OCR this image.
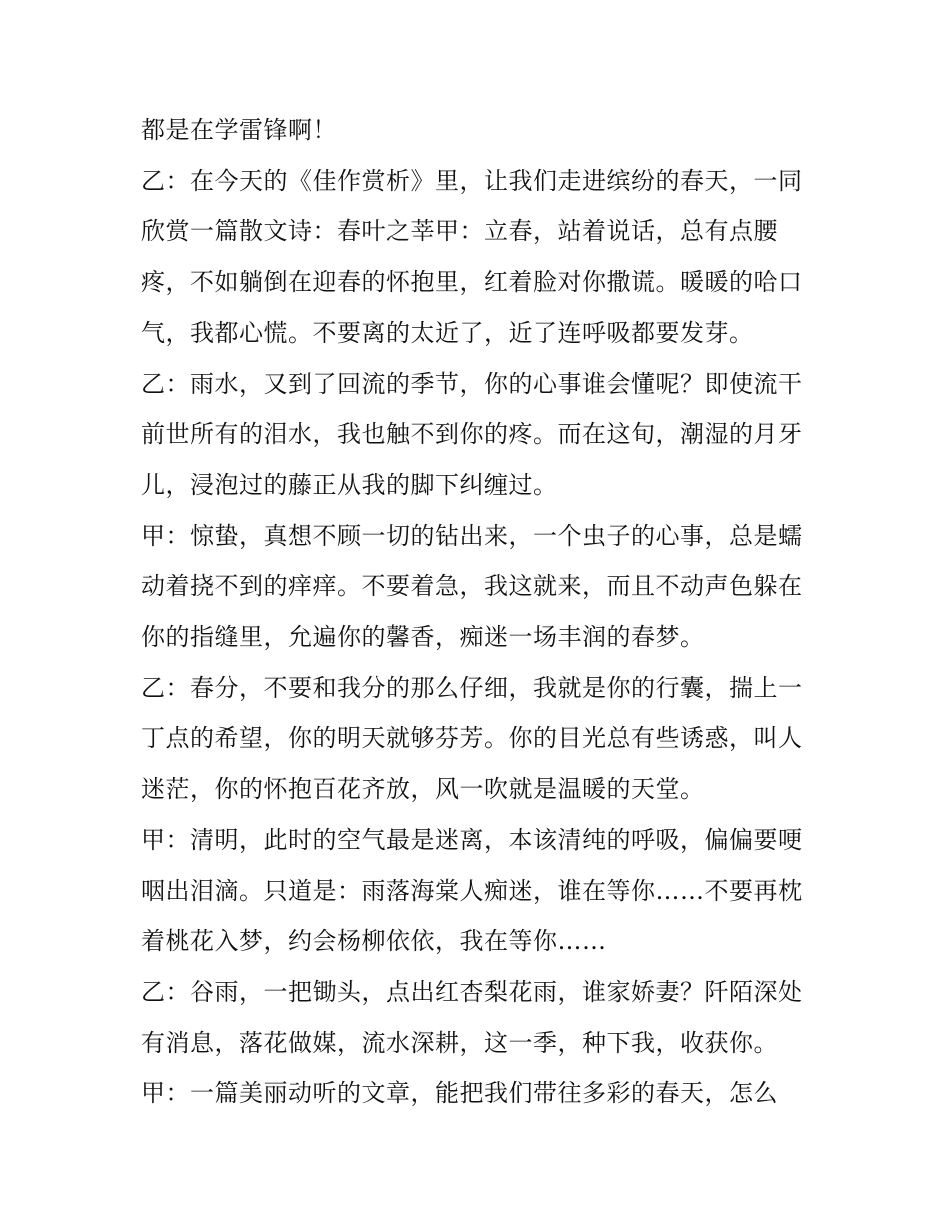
都是在学雷锋啊！
乙：在今天的《佳作赏析》里，让我们走进缤纷的春天，一同
欣赏一篇散文诗：春叶之莘甲：立春，站着说话，总有点腰
疼，不如躺倒在迎春的怀抱里，红着脸对你撒谎。暖暖的哈口
气，我都心慌。不要离的太近了，近了连呼吸都要发芽。
乙：雨水，又到了回流的季节，你的心事谁会懂呢？即使流干
前世所有的泪水，我也触不到你的疼。而在这旬，潮湿的月牙
儿，浸泡过的藤正从我的脚下纠缠过。
甲：惊蛰，真想不顾一切的钻出来，一个虫子的心事，总是蠕
动着挠不到的痒痒。不要着急，我这就来，而且不动声色躲在
你的指缝里，允遍你的馨香，痴迷一场丰润的春梦。
乙：春分，不要和我分的那么仔细，我就是你的行囊，揣上一
丁点的希望，你的明天就够芬芳。你的目光总有些诱惑，叫人
迷茫，你的怀抱百花齐放，风一吹就是温暖的天堂。
甲：清明，此时的空气最是迷离，本该清纯的呼吸，偏偏要哽
咽出泪滴。只道是：雨落海棠人痴迷，谁在等你……不要再枕
着桃花入梦，约会杨柳依依，我在等你……
乙：谷雨，一把锄头，点出红杏梨花雨，谁家娇妻？阡陌深处
有消息，落花做媒，流水深耕，这一季，种下我，收获你。
甲：一篇美丽动听的文章，能把我们带往多彩的春天，怎么
